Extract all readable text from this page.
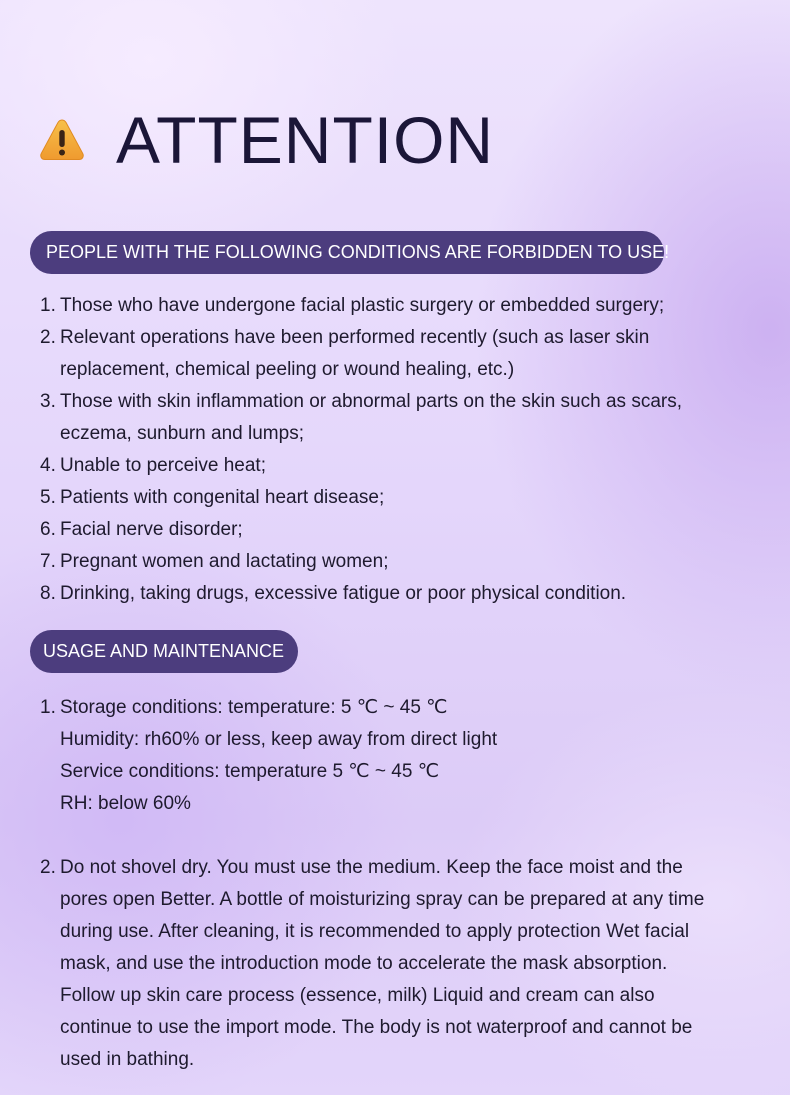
ATTENTION
PEOPLE WITH THE FOLLOWING CONDITIONS ARE FORBIDDEN TO USE!
1. Those who have undergone facial plastic surgery or embedded surgery;
2. Relevant operations have been performed recently (such as laser skin replacement, chemical peeling or wound healing, etc.)
3. Those with skin inflammation or abnormal parts on the skin such as scars, eczema, sunburn and lumps;
4. Unable to perceive heat;
5. Patients with congenital heart disease;
6. Facial nerve disorder;
7. Pregnant women and lactating women;
8. Drinking, taking drugs, excessive fatigue or poor physical condition.
USAGE AND MAINTENANCE
1. Storage conditions: temperature: 5 ℃ ~ 45 ℃
Humidity: rh60% or less, keep away from direct light
Service conditions: temperature 5 ℃ ~ 45 ℃
RH: below 60%
2. Do not shovel dry. You must use the medium. Keep the face moist and the pores open Better. A bottle of moisturizing spray can be prepared at any time during use. After cleaning, it is recommended to apply protection Wet facial mask, and use the introduction mode to accelerate the mask absorption. Follow up skin care process (essence, milk) Liquid and cream can also continue to use the import mode. The body is not waterproof and cannot be used in bathing.
